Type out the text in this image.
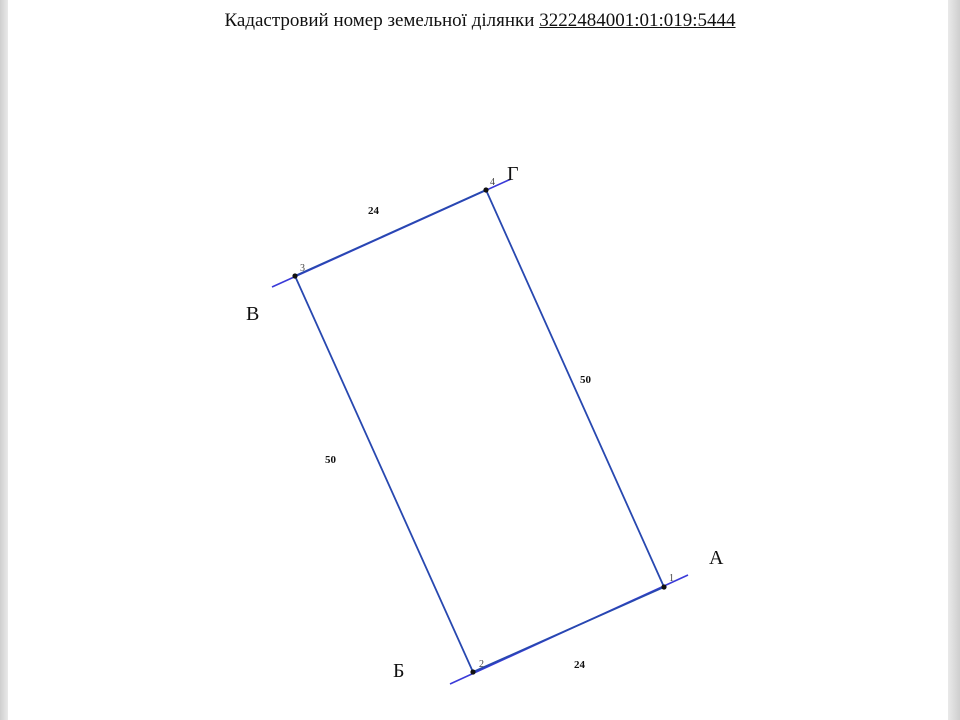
Кадастровий номер земельної ділянки 3222484001:01:019:5444
1
2
3
4
А
Б
В
Г
24
50
50
24
